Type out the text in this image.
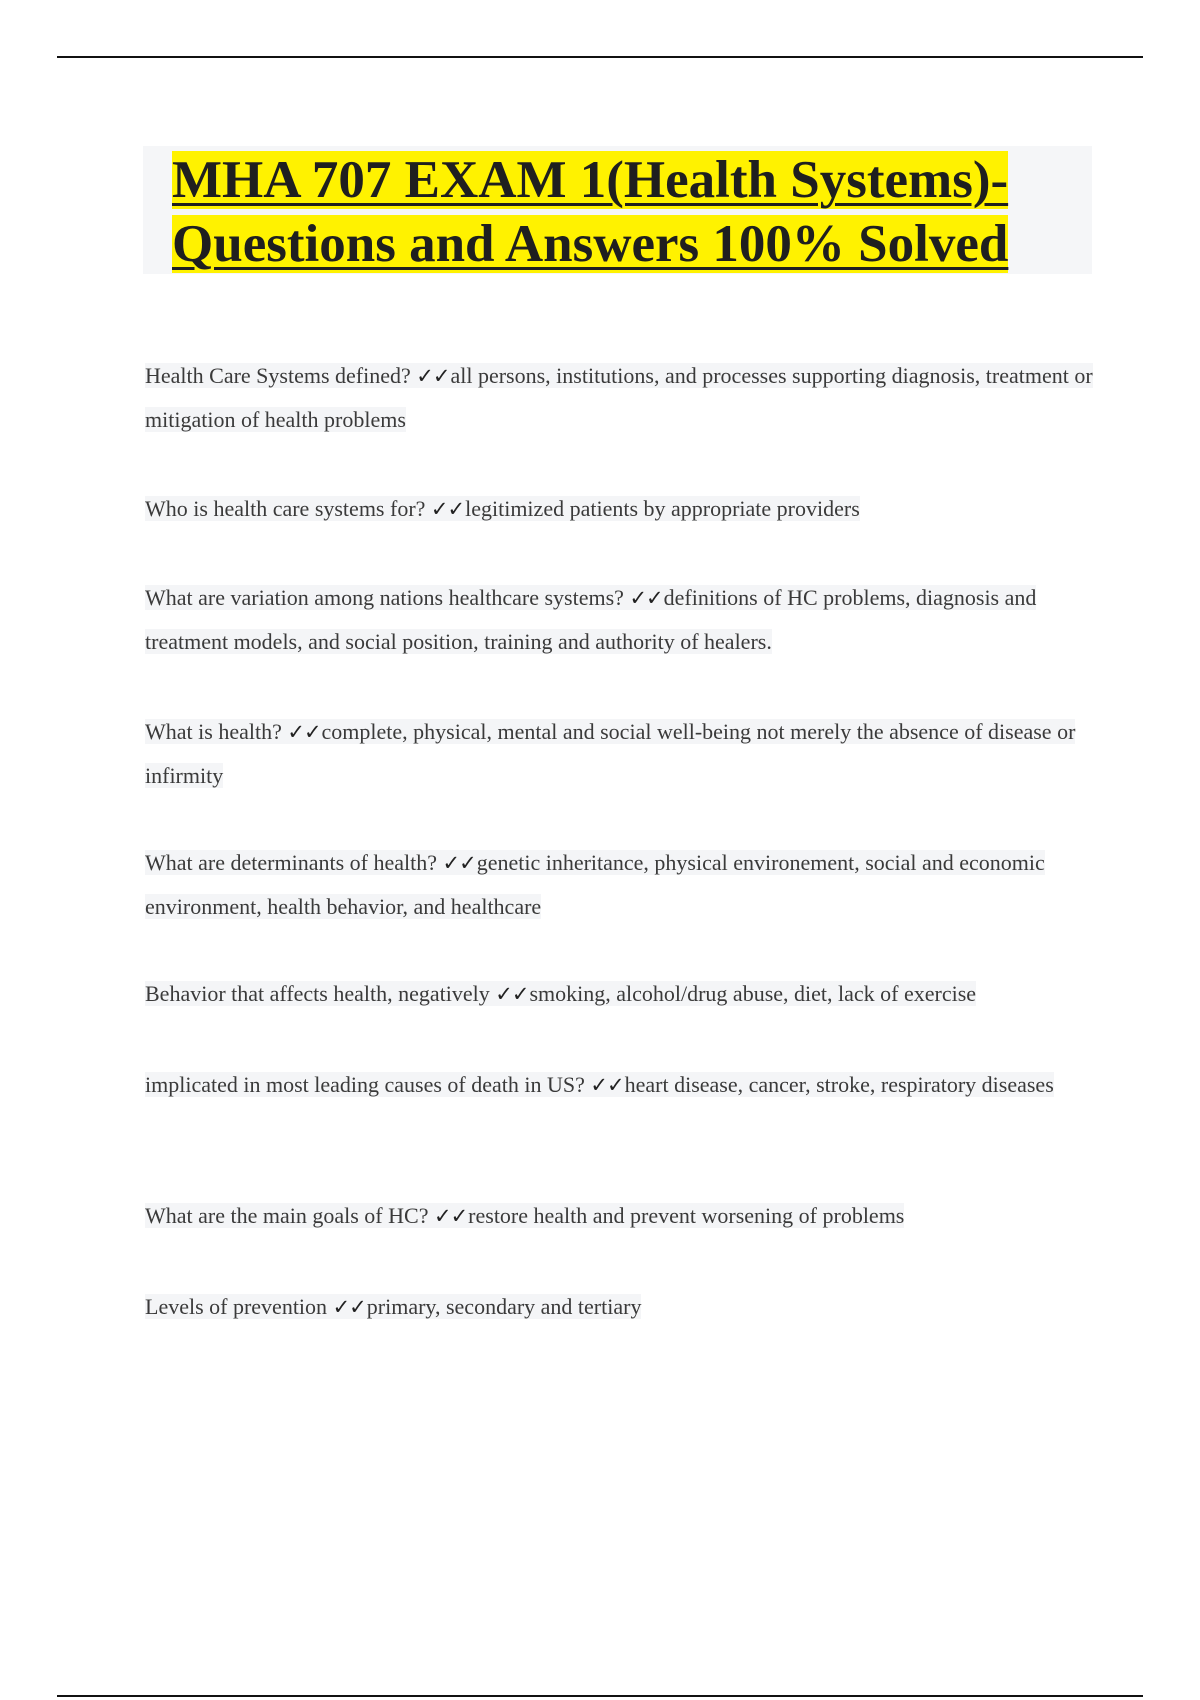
MHA 707 EXAM 1(Health Systems)- Questions and Answers 100% Solved

Health Care Systems defined? ✓✓all persons, institutions, and processes supporting diagnosis, treatment or mitigation of health problems

Who is health care systems for? ✓✓legitimized patients by appropriate providers

What are variation among nations healthcare systems? ✓✓definitions of HC problems, diagnosis and treatment models, and social position, training and authority of healers.

What is health? ✓✓complete, physical, mental and social well-being not merely the absence of disease or infirmity

What are determinants of health? ✓✓genetic inheritance, physical environement, social and economic environment, health behavior, and healthcare

Behavior that affects health, negatively ✓✓smoking, alcohol/drug abuse, diet, lack of exercise

implicated in most leading causes of death in US? ✓✓heart disease, cancer, stroke, respiratory diseases

What are the main goals of HC? ✓✓restore health and prevent worsening of problems

Levels of prevention ✓✓primary, secondary and tertiary
